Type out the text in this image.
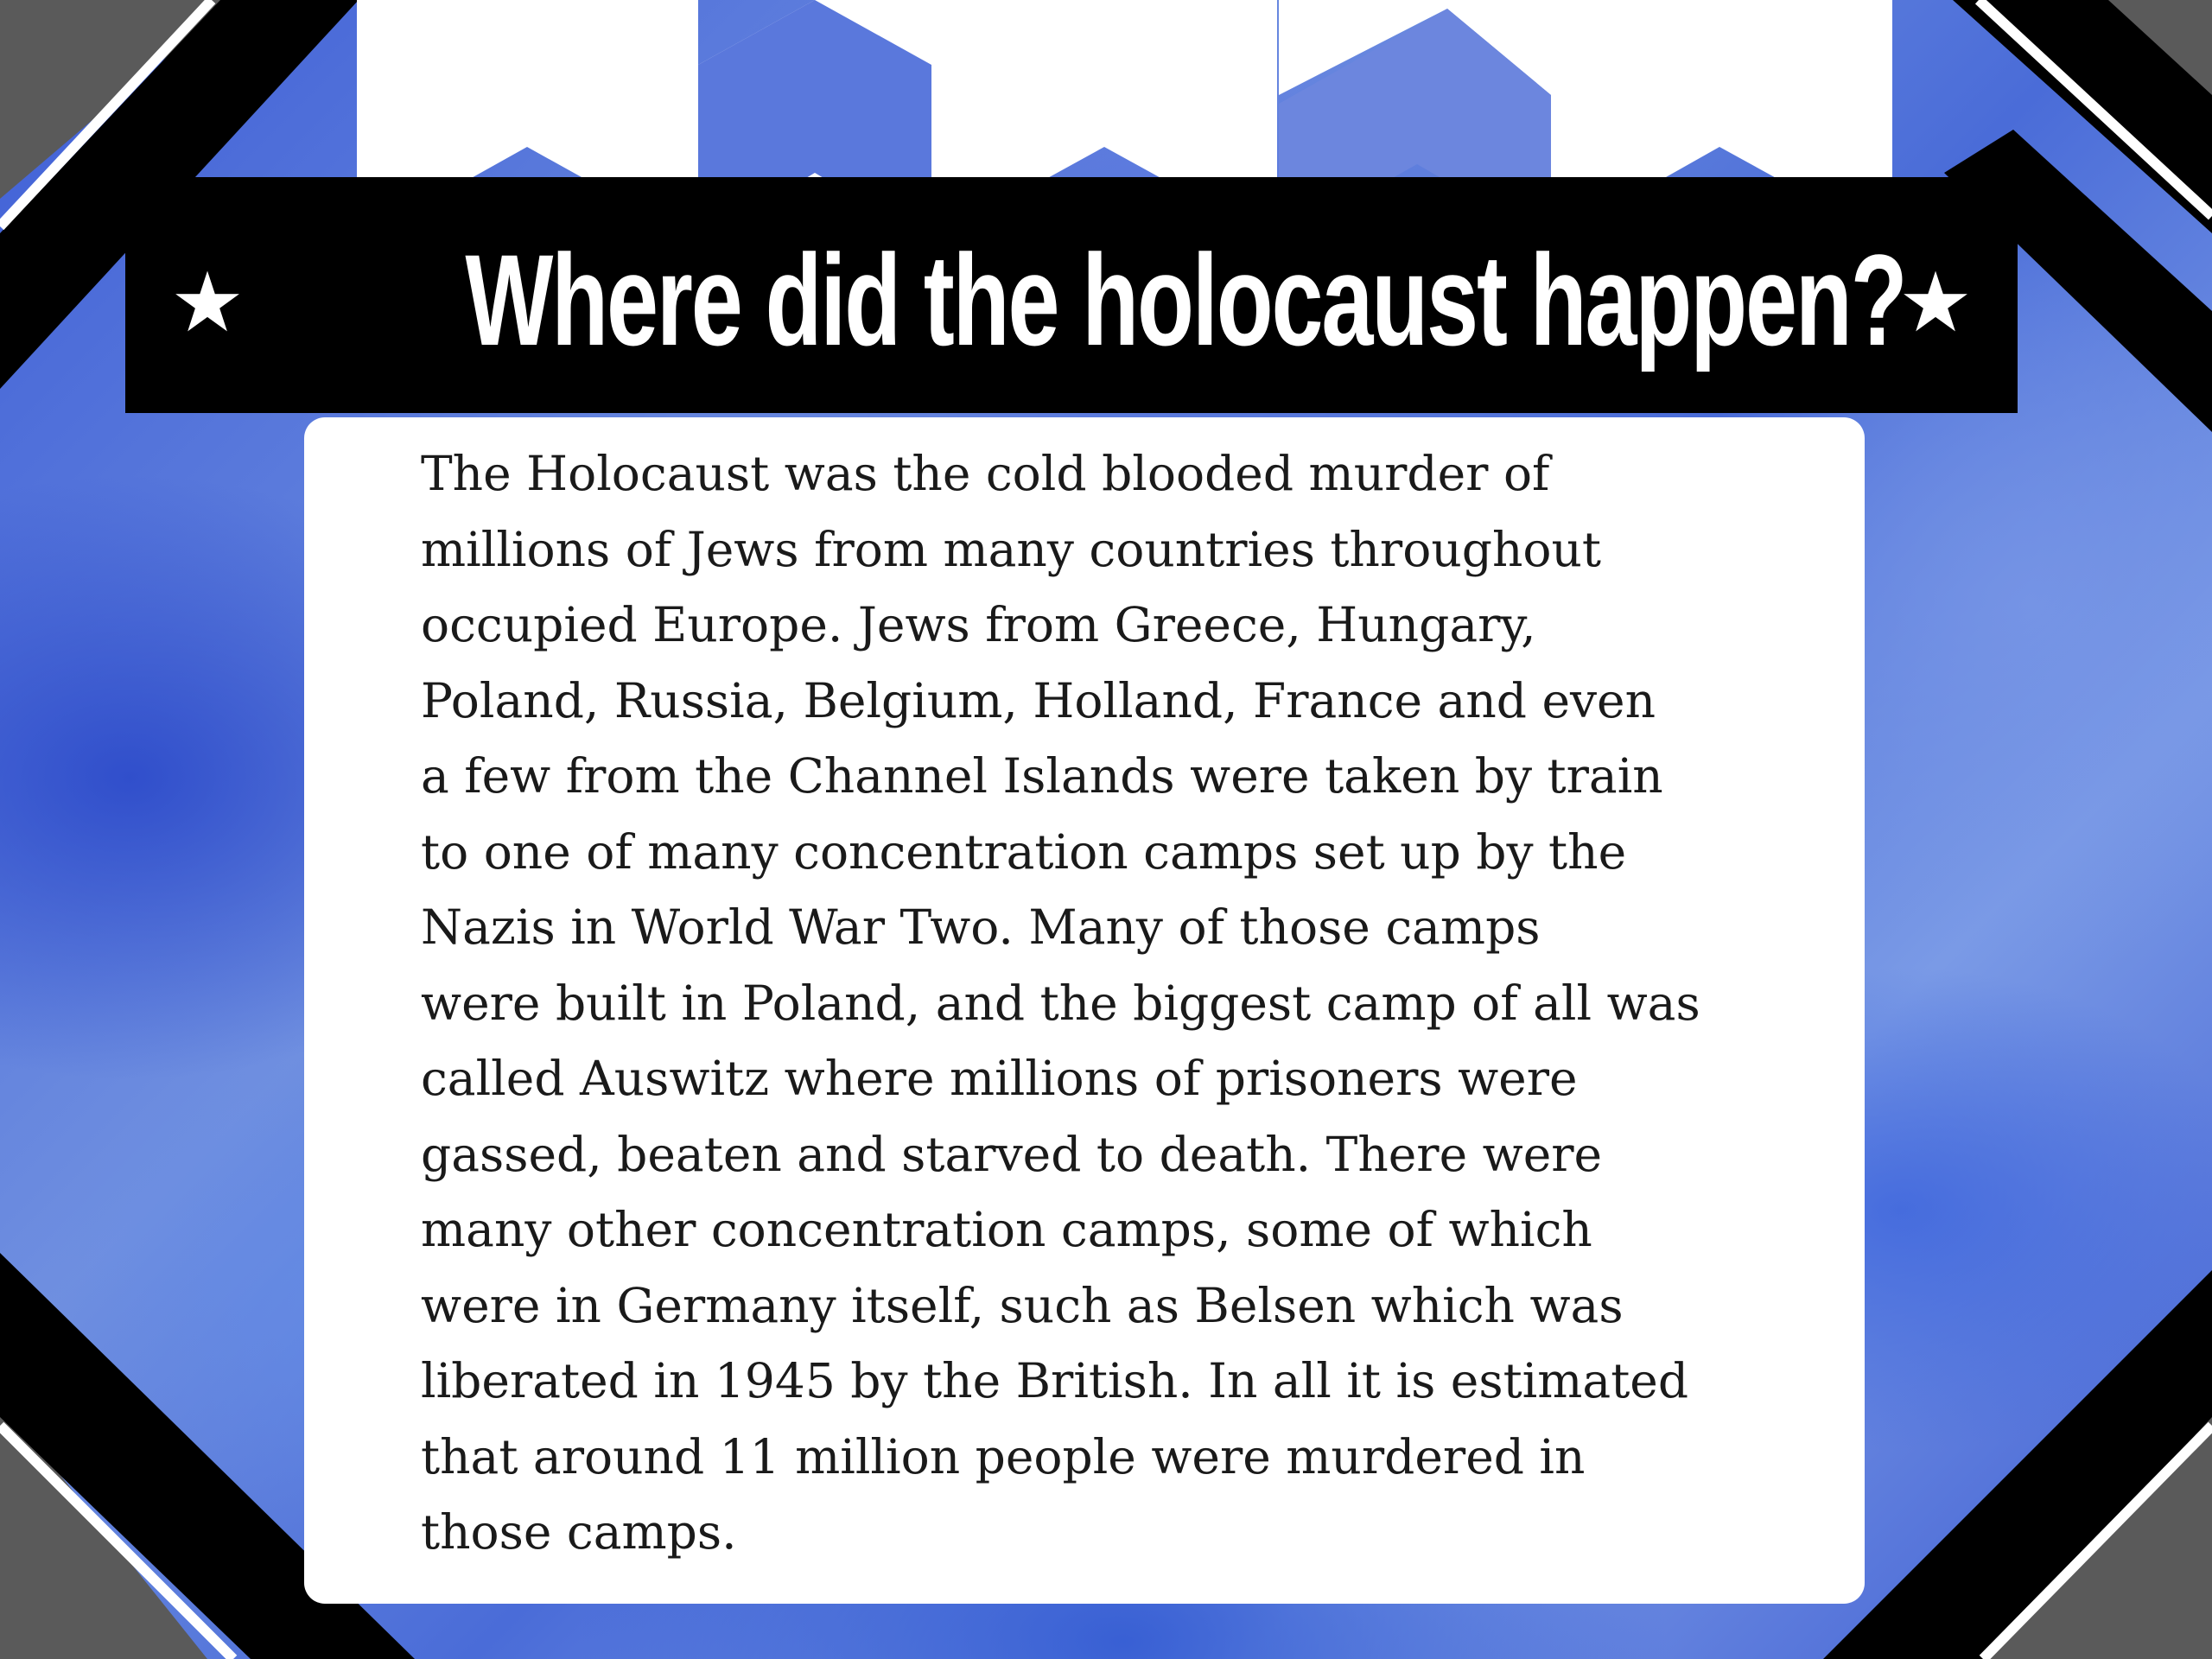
★ Where did the holocaust happen?
★

The Holocaust was the cold blooded murder of
millions of Jews from many countries throughout
occupied Europe. Jews from Greece, Hungary,
Poland, Russia, Belgium, Holland, France and even
a few from the Channel Islands were taken by train
to one of many concentration camps set up by the
Nazis in World War Two. Many of those camps
were built in Poland, and the biggest camp of all was
called Auswitz where millions of prisoners were
gassed, beaten and starved to death. There were
many other concentration camps, some of which
were in Germany itself, such as Belsen which was
liberated in 1945 by the British. In all it is estimated
that around 11 million people were murdered in
those camps.
